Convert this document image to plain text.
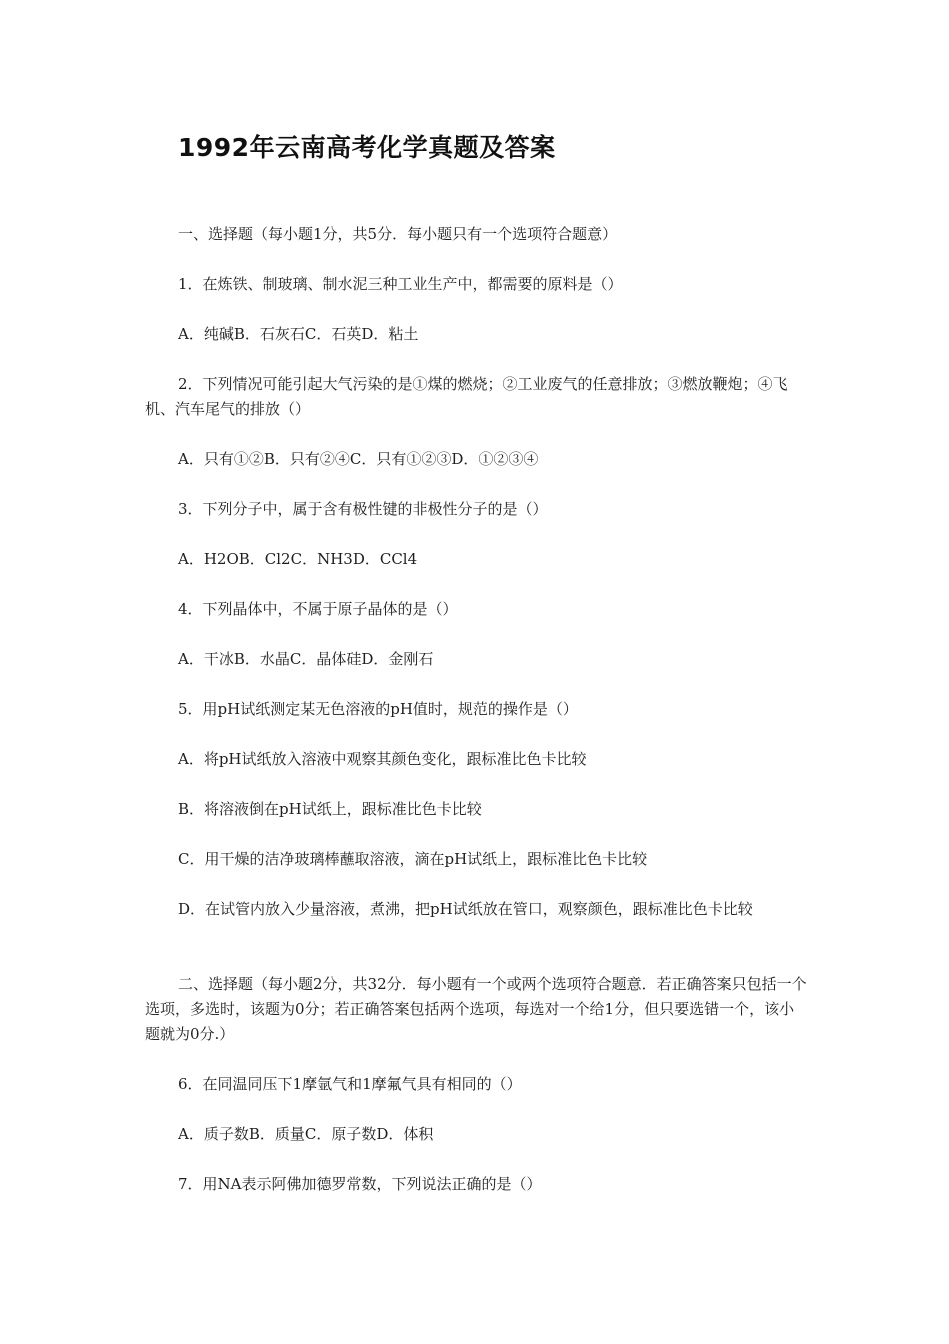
1992年云南高考化学真题及答案
一、选择题（每小题1分，共5分．每小题只有一个选项符合题意）
1．在炼铁、制玻璃、制水泥三种工业生产中，都需要的原料是（）
A．纯碱B．石灰石C．石英D．粘土
2．下列情况可能引起大气污染的是①煤的燃烧；②工业废气的任意排放；③燃放鞭炮；④飞机、汽车尾气的排放（）
A．只有①②B．只有②④C．只有①②③D．①②③④
3．下列分子中，属于含有极性键的非极性分子的是（）
A．H2OB．Cl2C．NH3D．CCl4
4．下列晶体中，不属于原子晶体的是（）
A．干冰B．水晶C．晶体硅D．金刚石
5．用pH试纸测定某无色溶液的pH值时，规范的操作是（）
A．将pH试纸放入溶液中观察其颜色变化，跟标准比色卡比较
B．将溶液倒在pH试纸上，跟标准比色卡比较
C．用干燥的洁净玻璃棒蘸取溶液，滴在pH试纸上，跟标准比色卡比较
D．在试管内放入少量溶液，煮沸，把pH试纸放在管口，观察颜色，跟标准比色卡比较
二、选择题（每小题2分，共32分．每小题有一个或两个选项符合题意．若正确答案只包括一个选项，多选时，该题为0分；若正确答案包括两个选项，每选对一个给1分，但只要选错一个，该小题就为0分.）
6．在同温同压下1摩氩气和1摩氟气具有相同的（）
A．质子数B．质量C．原子数D．体积
7．用NA表示阿佛加德罗常数，下列说法正确的是（）
